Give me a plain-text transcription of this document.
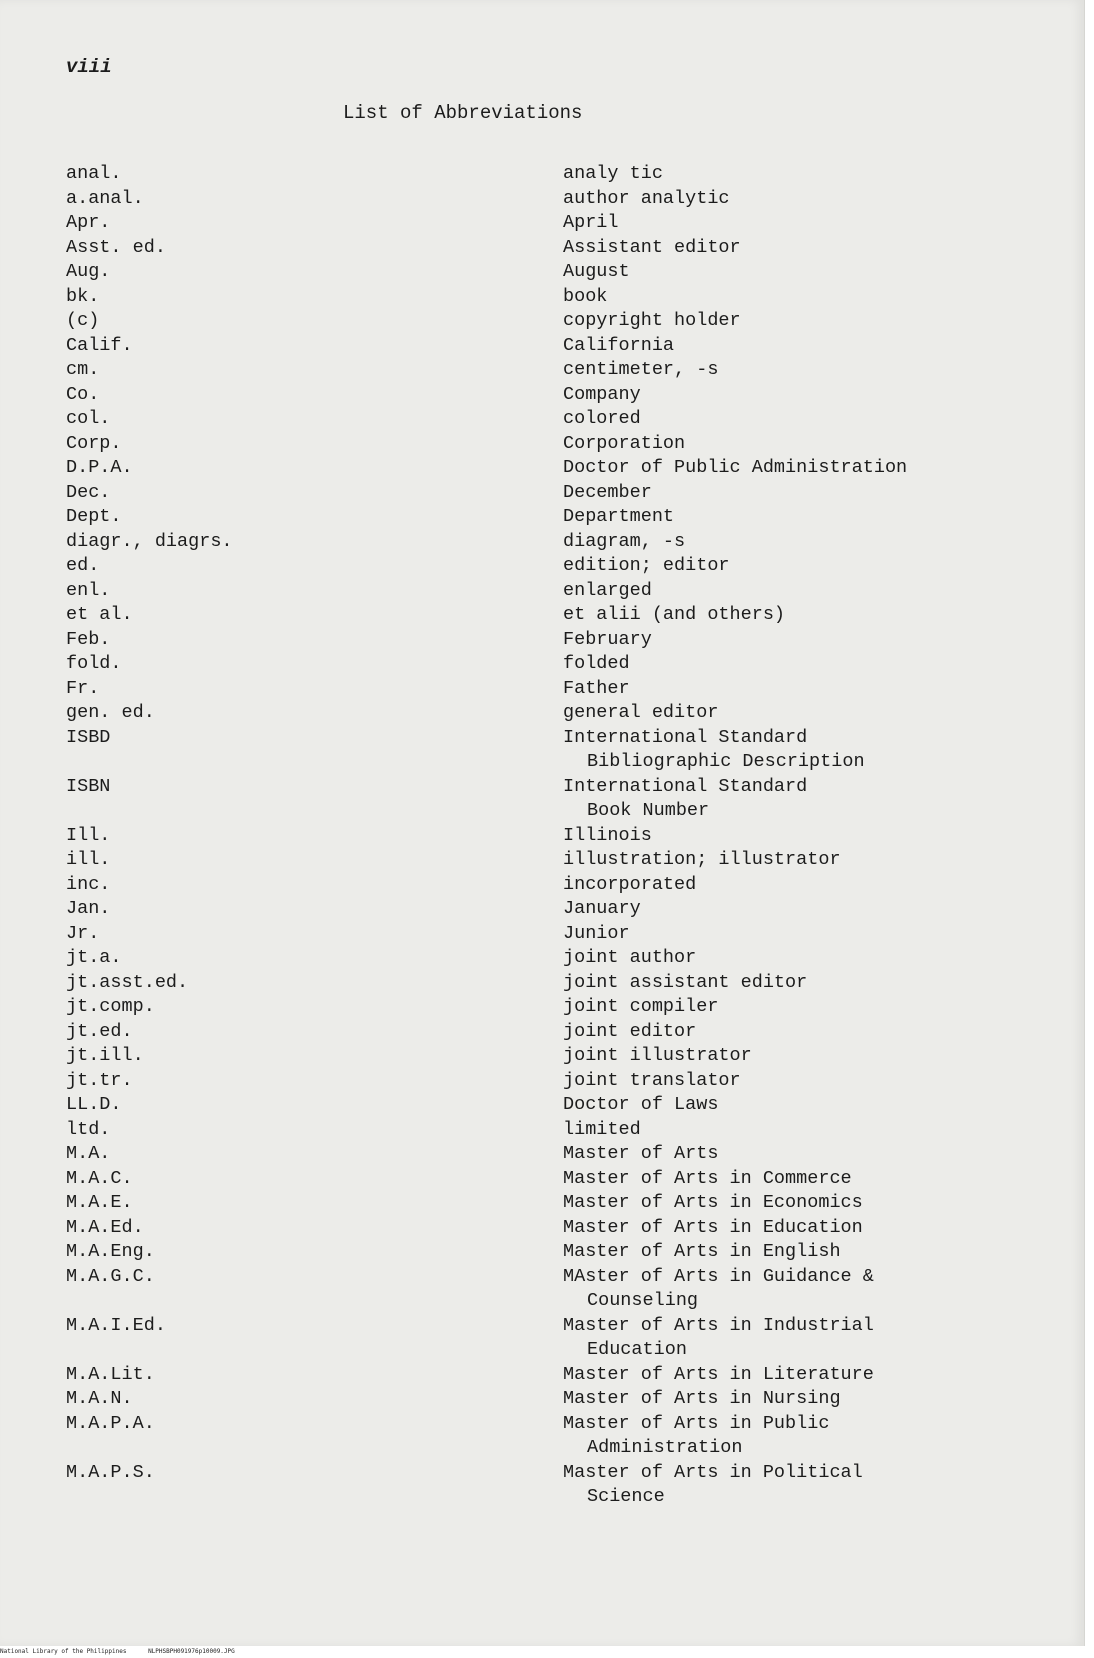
viii
List of Abbreviations
anal.	analy tic
a.anal.	author analytic
Apr.	April
Asst. ed.	Assistant editor
Aug.	August
bk.	book
(c)	copyright holder
Calif.	California
cm.	centimeter, -s
Co.	Company
col.	colored
Corp.	Corporation
D.P.A.	Doctor of Public Administration
Dec.	December
Dept.	Department
diagr., diagrs.	diagram, -s
ed.	edition; editor
enl.	enlarged
et al.	et alii (and others)
Feb.	February
fold.	folded
Fr.	Father
gen. ed.	general editor
ISBD	International Standard
Bibliographic Description
ISBN	International Standard
Book Number
Ill.	Illinois
ill.	illustration; illustrator
inc.	incorporated
Jan.	January
Jr.	Junior
jt.a.	joint author
jt.asst.ed.	joint assistant editor
jt.comp.	joint compiler
jt.ed.	joint editor
jt.ill.	joint illustrator
jt.tr.	joint translator
LL.D.	Doctor of Laws
ltd.	limited
M.A.	Master of Arts
M.A.C.	Master of Arts in Commerce
M.A.E.	Master of Arts in Economics
M.A.Ed.	Master of Arts in Education
M.A.Eng.	Master of Arts in English
M.A.G.C.	MAster of Arts in Guidance &
Counseling
M.A.I.Ed.	Master of Arts in Industrial
Education
M.A.Lit.	Master of Arts in Literature
M.A.N.	Master of Arts in Nursing
M.A.P.A.	Master of Arts in Public
Administration
M.A.P.S.	Master of Arts in Political
Science
National Library of the Philippines	NLPHSBPH091976p10009.JPG
